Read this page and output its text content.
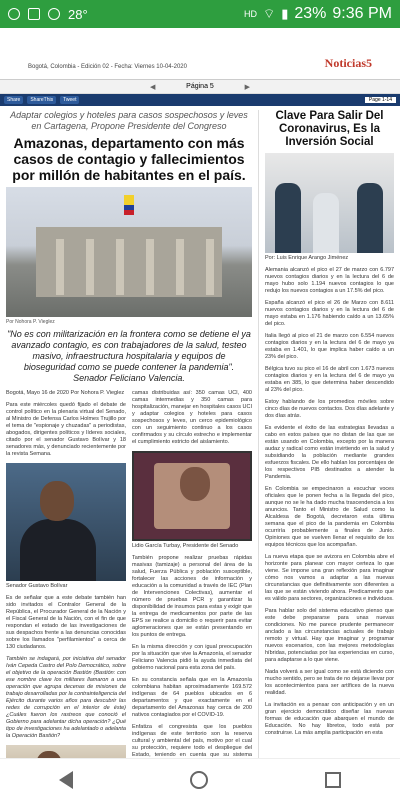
28°	HD ⌔ ▮ 23% 9:36 PM
Bogotá, Colombia - Edición 02 - Fecha: Viernes 10-04-2020	Noticias5
◀	Página 5	▶
Share	ShareThis	Tweet	Page 1-14
Adaptar colegios y hoteles para casos sospechosos y leves en Cartagena, Propone Presidente del Congreso
Amazonas, departamento con más casos de contagio y fallecimientos por millón de habitantes en el país.
Por Nohora P. Vieglez
"No es con militarización en la frontera como se detiene el ya avanzado contagio, es con trabajadores de la salud, testeo masivo, infraestructura hospitalaria y equipos de bioseguridad como se puede contener la pandemia". Senador Feliciano Valencia.

Bogotá, Mayo 16 de 2020 Por Nohora P. Vieglez

Para este miércoles quedó fijado el debate de control político en la plenaria virtual del Senado, al Ministro de Defensa Carlos Holmes Trujillo por el tema de "espionaje y chuzadas" a periodistas, abogados, dirigentes políticos y líderes sociales, citado por el senador Gustavo Bolívar y 18 senadores más, y denunciado recientemente por la revista Semana.

Senador Gustavo Bolívar

Es de señalar que a este debate también han sido invitados el Contralor General de la República, el Procurador General de la Nación y el Fiscal General de la Nación, con el fin de que respondan el estado de las investigaciones de sus despachos frente a las denuncias conocidas sobre los llamados "perfilamientos" a cerca de 130 ciudadanos.

También se indagará, por iniciativa del senador Iván Cepeda Castro del Polo Democrático, sobre el objetivo de la operación Bastión (Bastión: con ese nombre clave los militares llamaron a una operación que agrupa decenas de misiones de trabajo desarrolladas por la contrainteligencia del Ejército durante varios años para descubrir las redes de corrupción en el interior de éste) ¿Cuáles fueron los rastreos que conoció el Gobierno para adelantar dicha operación? ¿Qué tipo de investigaciones ha adelantado o adelanta la Operación Bastión?

camas distribuidas así: 350 camas UCI, 400 camas intermedias y 350 camas para hospitalización, manejar en hospitales casos UCI y adaptar colegios y hoteles para casos sospechosos y leves, un cerco epidemiológico con un seguimiento continuo a los casos confirmados y su círculo estrecho e implementar el cumplimiento estricto del aislamiento.

Lidio García Turbay, Presidente del Senado

También propone realizar pruebas rápidas masivas (tamizaje) a personal del área de la salud, Fuerza Pública y población susceptible, fortalecer las acciones de información y educación a la comunidad a través de IEC (Plan de Intervenciones Colectivas), aumentar el número de pruebas PCR y garantizar la disponibilidad de insumos para estas y exigir que la entrega de medicamentos por parte de las EPS se realice a domicilio o requerir para evitar aglomeraciones que se están presentando en los puntos de entrega.

En la misma dirección y con igual preocupación por la situación que vive la Amazonía, el senador Feliciano Valencia pidió la ayuda inmediata del gobierno nacional para esta zona del país.

En su constancia señala que en la Amazonía colombiana habitan aproximadamente 169.572 indígenas de 64 pueblos ubicados en 6 departamentos y que exactamente en el departamento del Amazonas hay cerca de 200 nativos contagiados por el COVID-19.

Enfatiza el congresista que los pueblos indígenas de este territorio son la reserva cultural y ambiental del país, motivo por el cual su protección, requiere todo el despliegue del Estado, teniendo en cuenta que su sistema

Clave Para Salir Del Coronavirus, Es la Inversión Social

Por: Luis Enrique Arango Jiménez

Alemania alcanzó el pico el 27 de marzo con 6.797 nuevos contagios diarios y en la lectura del 6 de mayo hubo solo 1.194 nuevos contagios lo que redujo los nuevos contagios a un 17.5% del pico.

España alcanzó el pico el 26 de Marzo con 8.611 nuevos contagios diarios y en la lectura del 6 de mayo estaba en 1.176 habiendo caído a un 13.65% del pico.

Italia llegó al pico el 21 de marzo con 6.554 nuevos contagios diarios y en la lectura del 6 de mayo ya estaba en 1.401, lo que implica haber caído a un 23% del pico.

Bélgica tuvo su pico el 16 de abril con 1.673 nuevos contagios diarios y en la lectura del 6 de mayo ya estaba en 385, lo que determina haber descendido al 23% del pico.

Estoy hablando de los promedios móviles sobre cinco días de nuevos contactos. Dos días adelante y dos días atrás.

Es evidente el éxito de las estrategias llevadas a cabo en estos países que no distan de las que se están usando en Colombia, excepto por la manera audaz y radical como están invirtiendo en la salud y subsidiando la población mediante grandes esfuerzos fiscales. De ello hablan los porcentajes de los respectivos PIB destinados a atender la Pandemia.

En Colombia se empecinaron a escuchar voces oficiales que le ponen fecha a la llegada del pico, aunque no se le ha dado mucha trascendencia a los anuncios. Tanto el Ministro de Salud como la Alcaldesa de Bogotá, decretaron esta última semana que el pico de la pandemia en Colombia ocurriría probablemente a finales de Junio. Opiniones que se vuelven llenar el requisito de los equipos técnicos que los acompañan.

La nueva etapa que se avizora en Colombia abre el horizonte para planear con mayor certeza lo que viene. Se impone una gran reflexión para imaginar cómo nos vamos a adaptar a las nuevas circunstancias que definitivamente son diferentes a las que se están viviendo ahora. Predicamento que es válido para sectores, organizaciones e individuos.

Para hablar solo del sistema educativo pienso que este debe prepararse para unas nuevas condiciones. No me parece prudente permanecer anclado a las circunstancias actuales de trabajo remoto y virtual. Hay que imaginar y programar nuevos escenarios, con las mejores metodologías híbridas, potenciadas por las experiencias en curso, para adaptarse a lo que viene.

Nada volverá a ser igual como se está diciendo con mucho sentido, pero se trata de no dejarse llevar por los acontecimientos para ser artífices de la nueva realidad.

La invitación es a pensar con anticipación y en un gran ejercicio democrático diseñar las nuevas formas de educación que abarquen el mundo de Educación. No hay libretos, todo está por construirse. La más amplia participación en esta
